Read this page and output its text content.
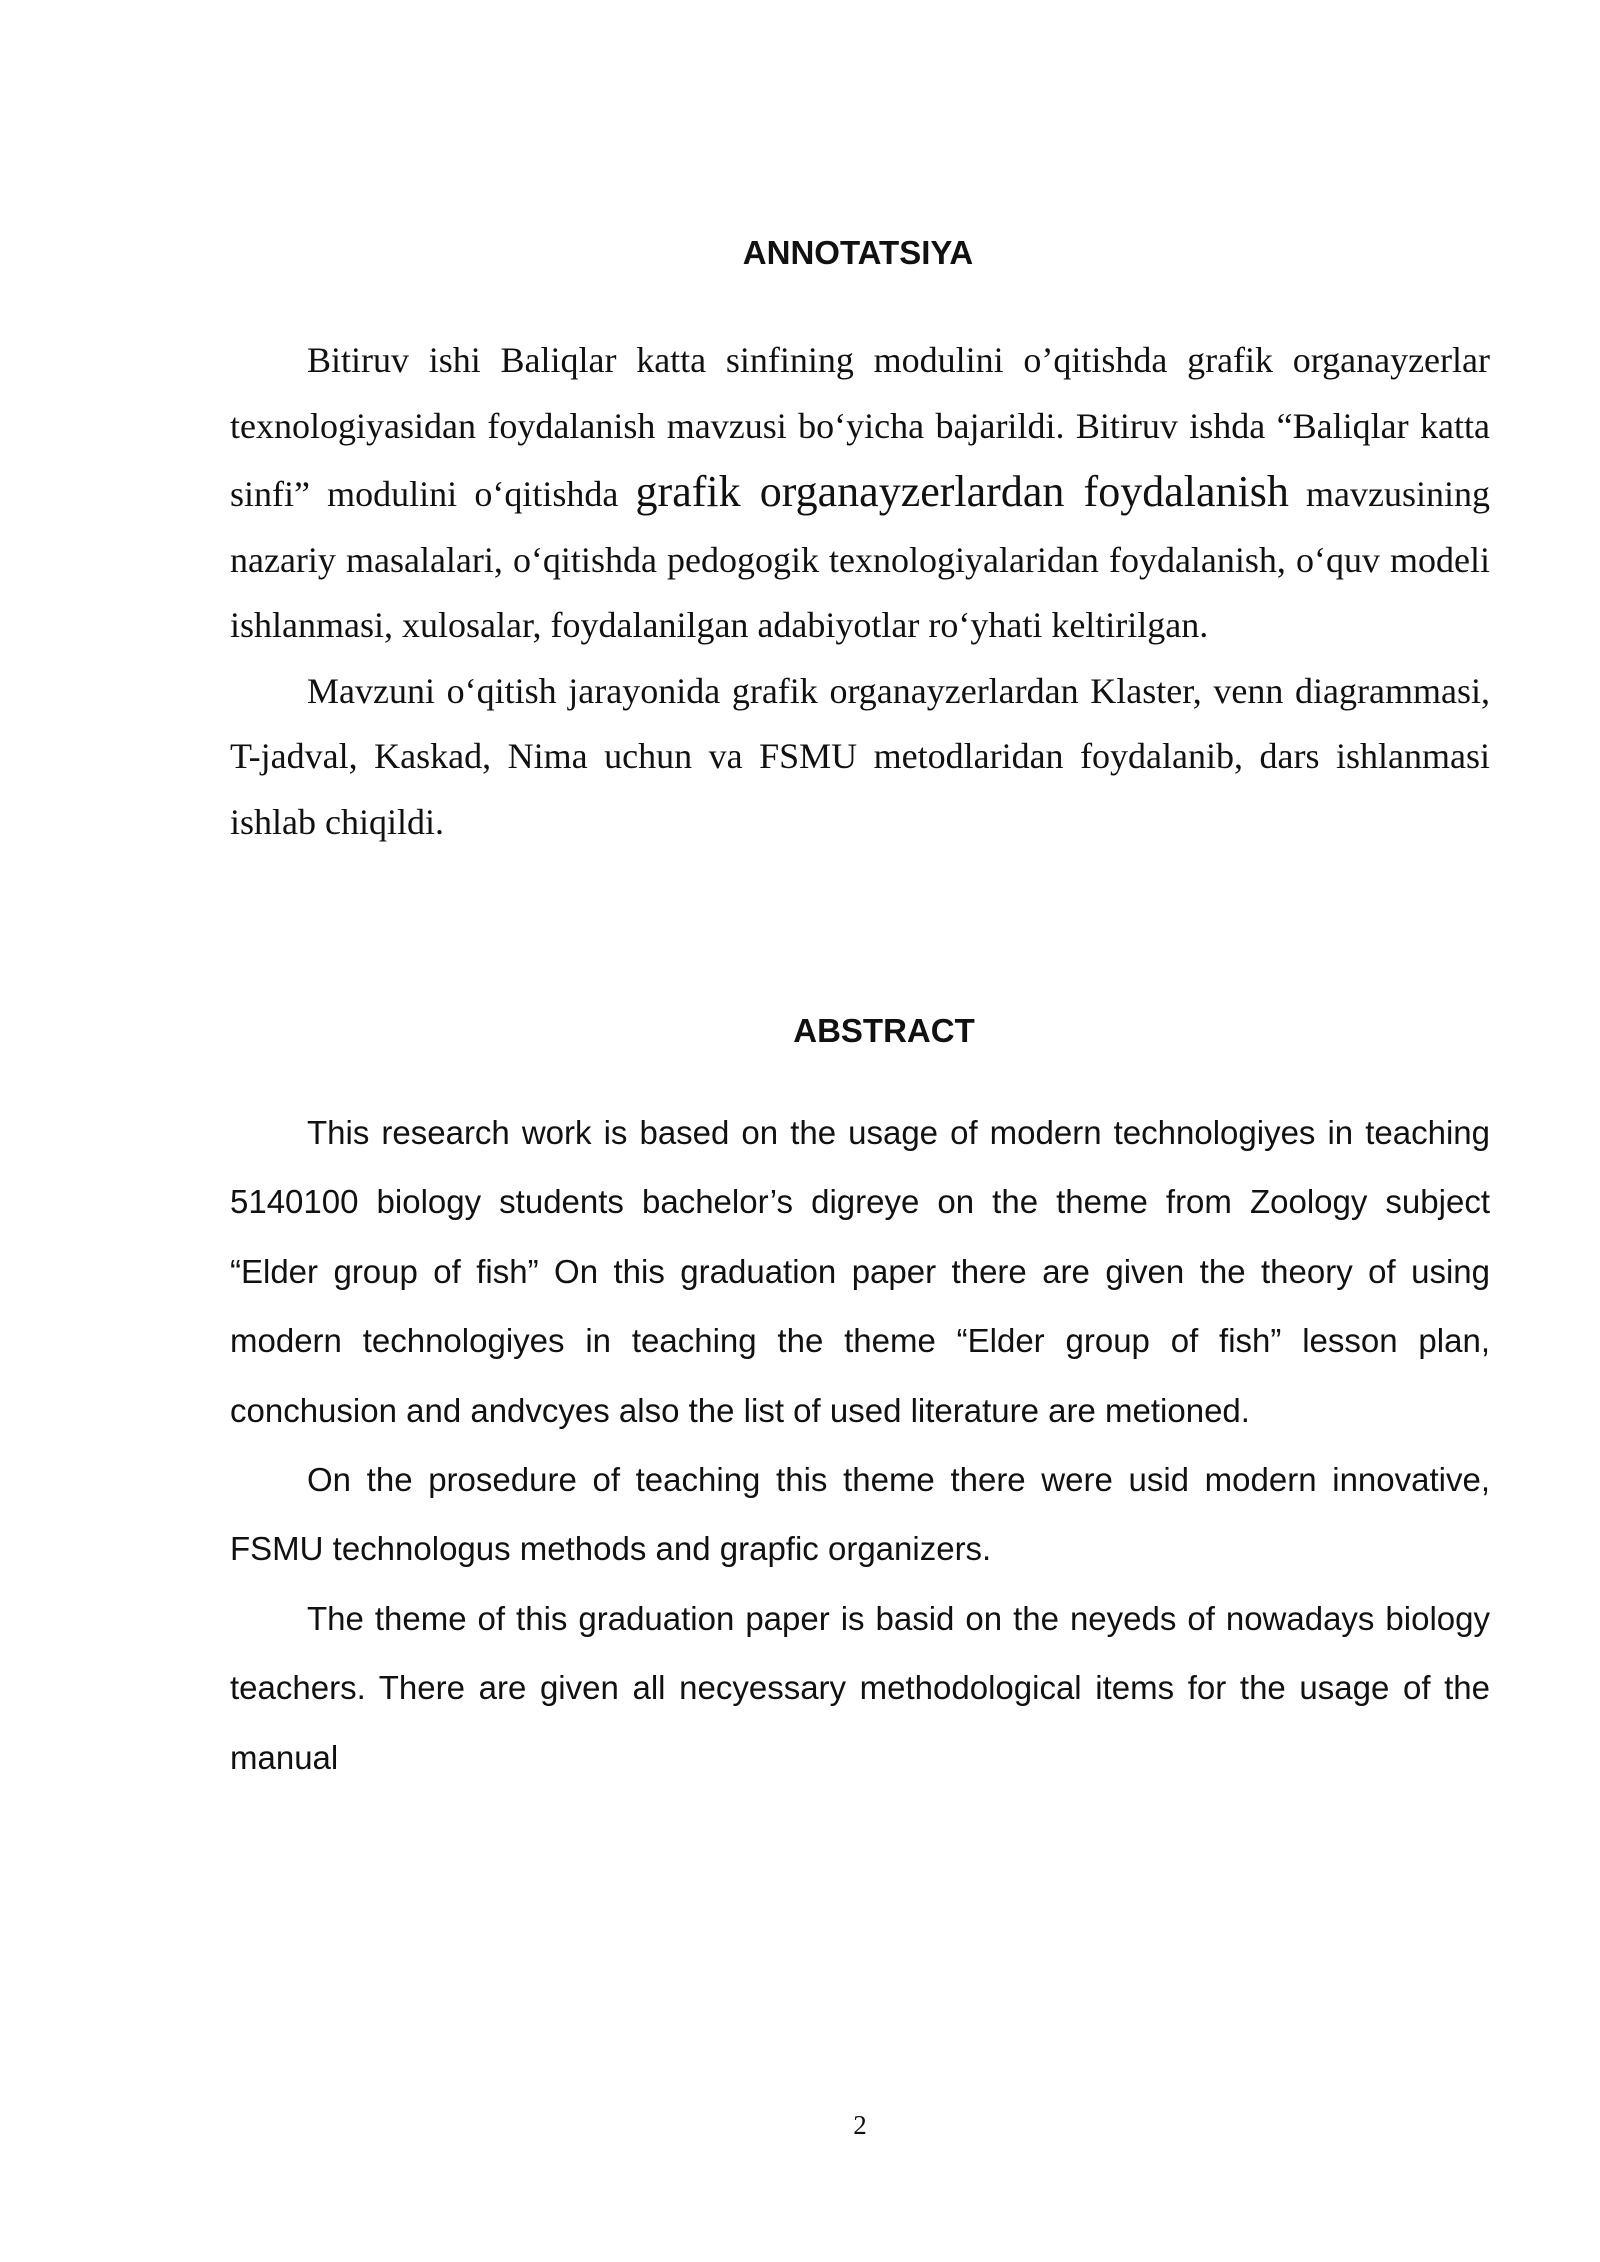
ANNOTATSIYA

Bitiruv ishi Baliqlar katta sinfining modulini o’qitishda grafik organayzerlar texnologiyasidan foydalanish mavzusi bo‘yicha bajarildi. Bitiruv ishda “Baliqlar katta sinfi” modulini o‘qitishda grafik organayzerlardan foydalanish mavzusining nazariy masalalari, o‘qitishda pedogogik texnologiyalaridan foydalanish, o‘quv modeli ishlanmasi, xulosalar, foydalanilgan adabiyotlar ro‘yhati keltirilgan.

Mavzuni o‘qitish jarayonida grafik organayzerlardan Klaster, venn diagrammasi, T-jadval, Kaskad, Nima uchun va FSMU metodlaridan foydalanib, dars ishlanmasi ishlab chiqildi.

ABSTRACT

This research work is based on the usage of modern technologiyes in teaching 5140100 biology students bachelor’s digreye on the theme from Zoology subject “Elder group of fish” On this graduation paper there are given the theory of using modern technologiyes in teaching the theme “Elder group of fish” lesson plan, conchusion and andvcyes also the list of used literature are metioned.

On the prosedure of teaching this theme there were usid modern innovative, FSMU technologus methods and grapfic organizers.

The theme of this graduation paper is basid on the neyeds of nowadays biology teachers. There are given all necyessary methodological items for the usage of the manual

2
